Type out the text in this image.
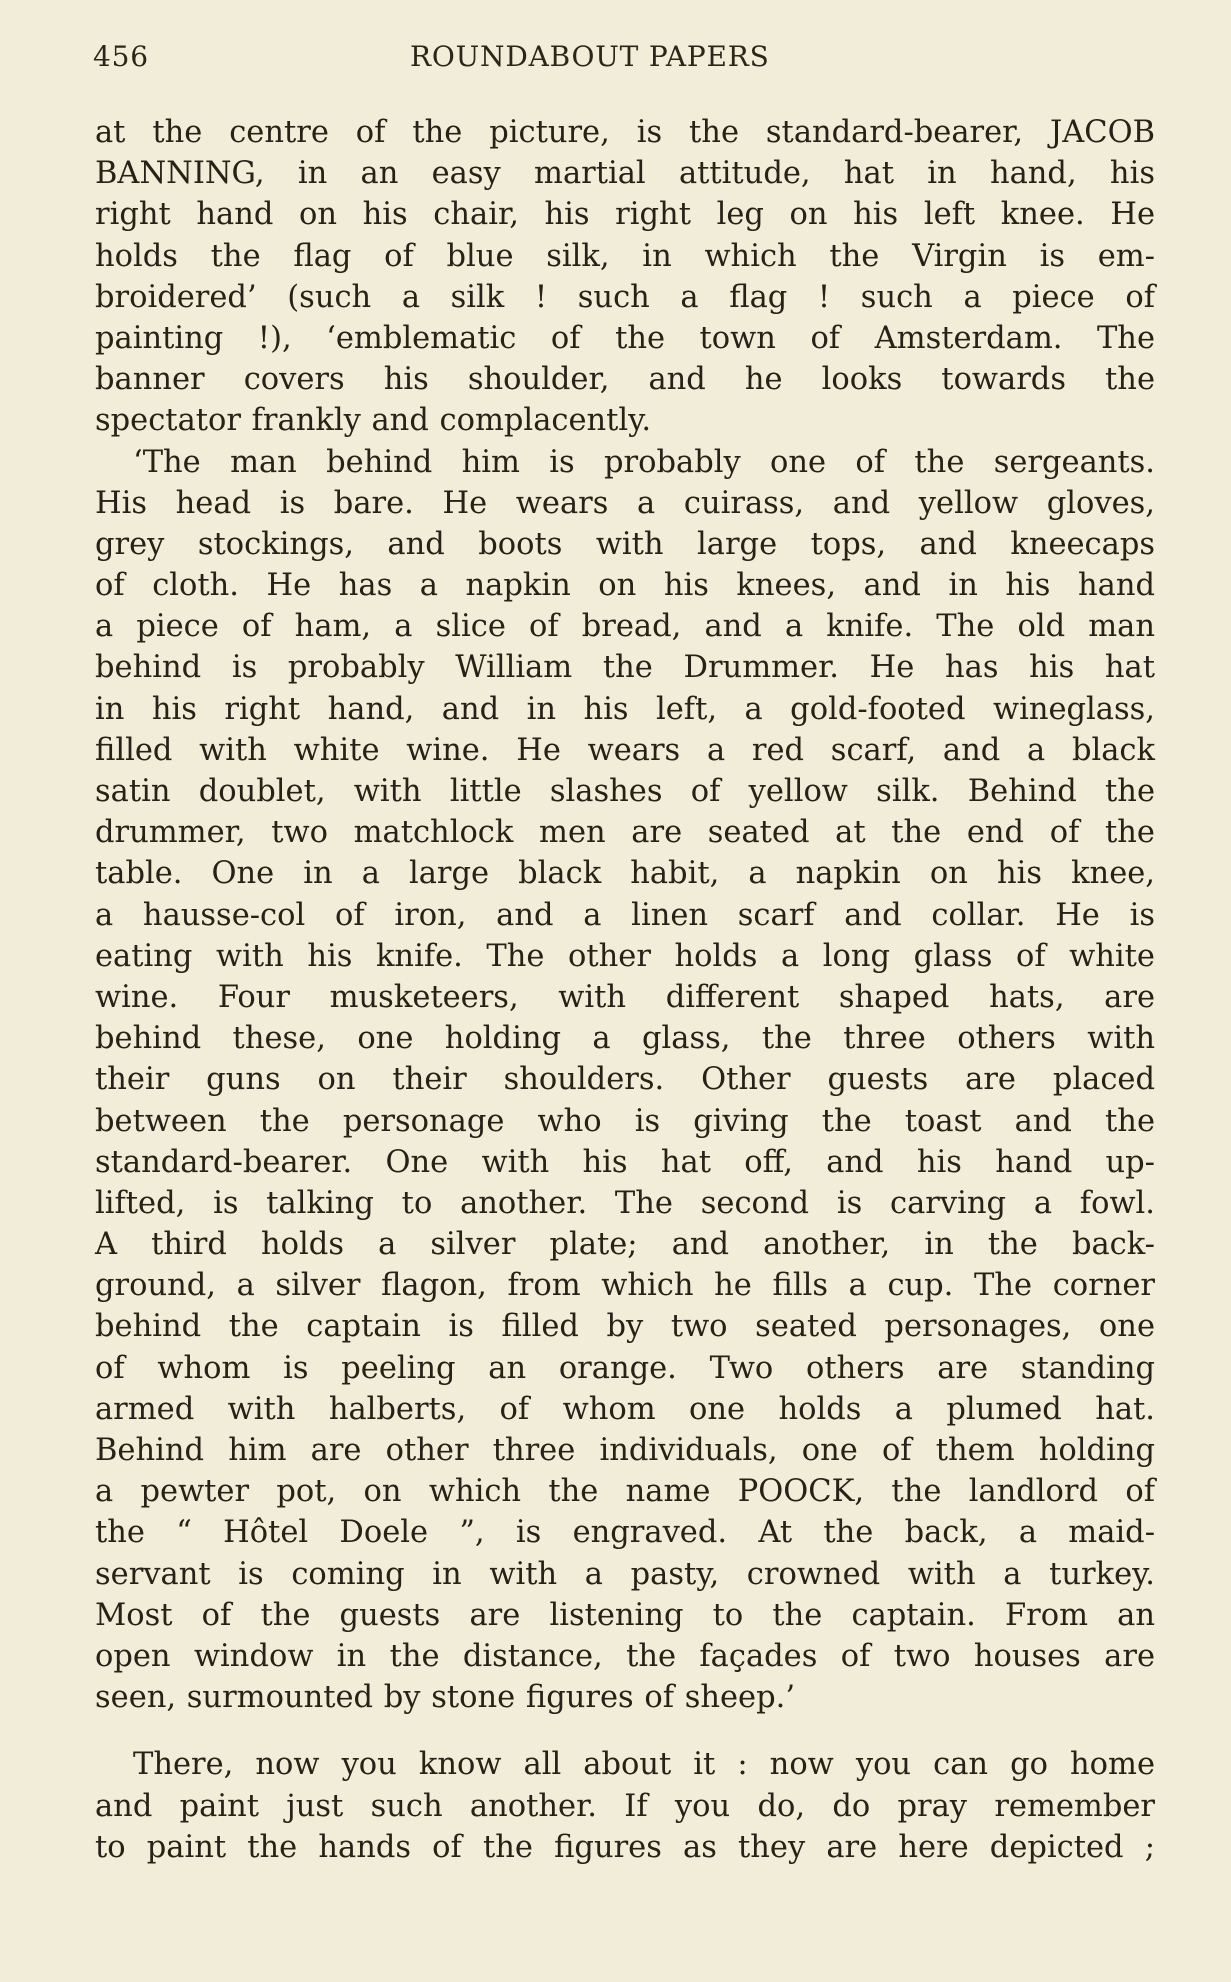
456	ROUNDABOUT PAPERS
at the centre of the picture, is the standard-bearer, JACOB
BANNING, in an easy martial attitude, hat in hand, his
right hand on his chair, his right leg on his left knee. He
holds the flag of blue silk, in which the Virgin is em-
broidered’ (such a silk ! such a flag ! such a piece of
painting !), ‘emblematic of the town of Amsterdam. The
banner covers his shoulder, and he looks towards the
spectator frankly and complacently.
‘The man behind him is probably one of the sergeants.
His head is bare. He wears a cuirass, and yellow gloves,
grey stockings, and boots with large tops, and kneecaps
of cloth. He has a napkin on his knees, and in his hand
a piece of ham, a slice of bread, and a knife. The old man
behind is probably William the Drummer. He has his hat
in his right hand, and in his left, a gold-footed wineglass,
filled with white wine. He wears a red scarf, and a black
satin doublet, with little slashes of yellow silk. Behind the
drummer, two matchlock men are seated at the end of the
table. One in a large black habit, a napkin on his knee,
a hausse-col of iron, and a linen scarf and collar. He is
eating with his knife. The other holds a long glass of white
wine. Four musketeers, with different shaped hats, are
behind these, one holding a glass, the three others with
their guns on their shoulders. Other guests are placed
between the personage who is giving the toast and the
standard-bearer. One with his hat off, and his hand up-
lifted, is talking to another. The second is carving a fowl.
A third holds a silver plate; and another, in the back-
ground, a silver flagon, from which he fills a cup. The corner
behind the captain is filled by two seated personages, one
of whom is peeling an orange. Two others are standing
armed with halberts, of whom one holds a plumed hat.
Behind him are other three individuals, one of them holding
a pewter pot, on which the name POOCK, the landlord of
the “ Hôtel Doele ”, is engraved. At the back, a maid-
servant is coming in with a pasty, crowned with a turkey.
Most of the guests are listening to the captain. From an
open window in the distance, the façades of two houses are
seen, surmounted by stone figures of sheep.’
There, now you know all about it : now you can go home
and paint just such another. If you do, do pray remember
to paint the hands of the figures as they are here depicted ;
